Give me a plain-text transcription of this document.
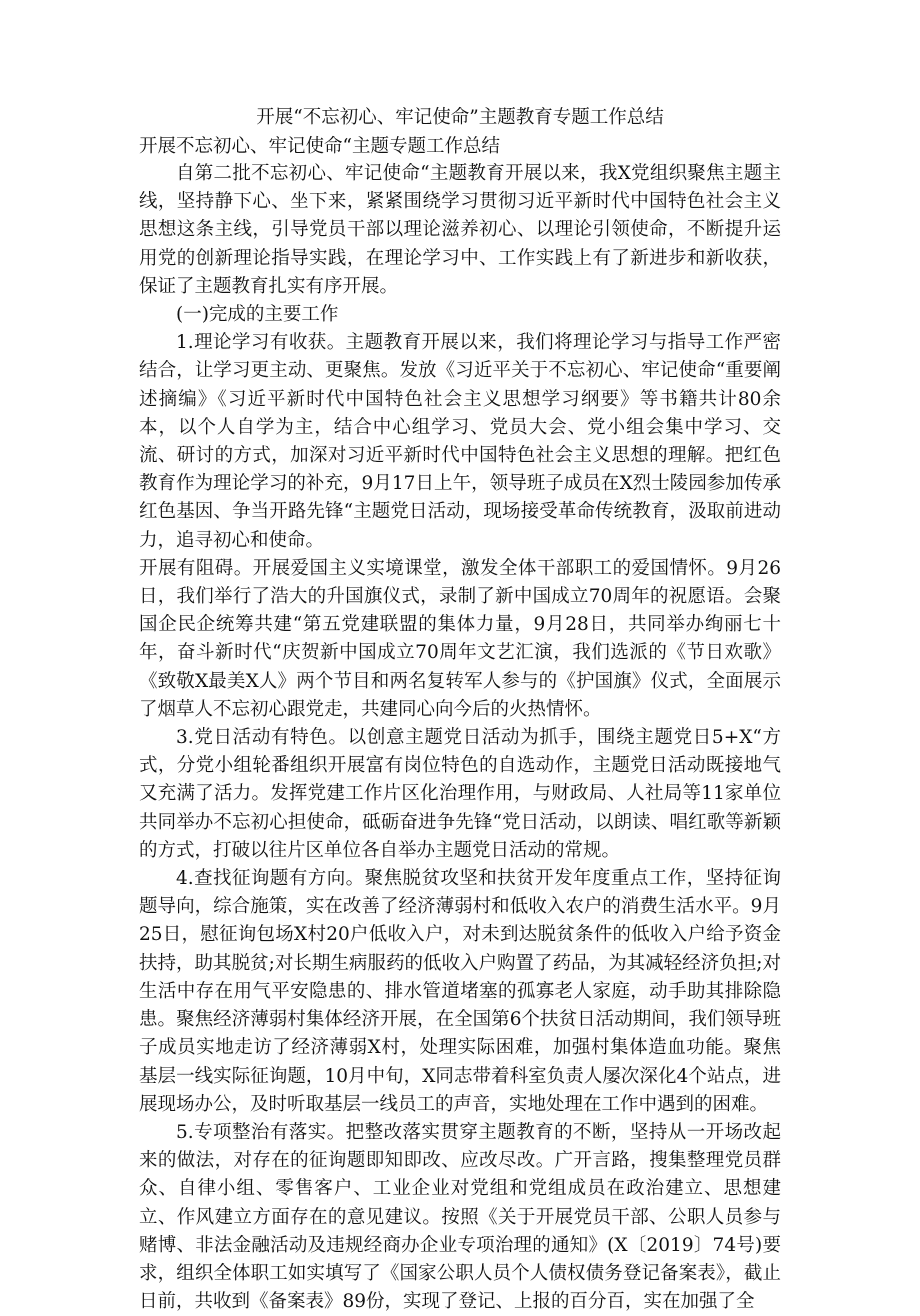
开展“不忘初心、牢记使命”主题教育专题工作总结
开展不忘初心、牢记使命“主题专题工作总结

自第二批不忘初心、牢记使命“主题教育开展以来，我X党组织聚焦主题主线，坚持静下心、坐下来，紧紧围绕学习贯彻习近平新时代中国特色社会主义思想这条主线，引导党员干部以理论滋养初心、以理论引领使命，不断提升运用党的创新理论指导实践，在理论学习中、工作实践上有了新进步和新收获，保证了主题教育扎实有序开展。

(一)完成的主要工作

1.理论学习有收获。主题教育开展以来，我们将理论学习与指导工作严密结合，让学习更主动、更聚焦。发放《习近平关于不忘初心、牢记使命“重要阐述摘编》《习近平新时代中国特色社会主义思想学习纲要》等书籍共计80余本，以个人自学为主，结合中心组学习、党员大会、党小组会集中学习、交流、研讨的方式，加深对习近平新时代中国特色社会主义思想的理解。把红色教育作为理论学习的补充，9月17日上午，领导班子成员在X烈士陵园参加传承红色基因、争当开路先锋“主题党日活动，现场接受革命传统教育，汲取前进动力，追寻初心和使命。

开展有阻碍。开展爱国主义实境课堂，激发全体干部职工的爱国情怀。9月26日，我们举行了浩大的升国旗仪式，录制了新中国成立70周年的祝愿语。会聚国企民企统筹共建“第五党建联盟的集体力量，9月28日，共同举办绚丽七十年，奋斗新时代“庆贺新中国成立70周年文艺汇演，我们选派的《节日欢歌》《致敬X最美X人》两个节目和两名复转军人参与的《护国旗》仪式，全面展示了烟草人不忘初心跟党走，共建同心向今后的火热情怀。

3.党日活动有特色。以创意主题党日活动为抓手，围绕主题党日5+X“方式，分党小组轮番组织开展富有岗位特色的自选动作，主题党日活动既接地气又充满了活力。发挥党建工作片区化治理作用，与财政局、人社局等11家单位共同举办不忘初心担使命，砥砺奋进争先锋“党日活动，以朗读、唱红歌等新颖的方式，打破以往片区单位各自举办主题党日活动的常规。

4.查找征询题有方向。聚焦脱贫攻坚和扶贫开发年度重点工作，坚持征询题导向，综合施策，实在改善了经济薄弱村和低收入农户的消费生活水平。9月25日，慰征询包场X村20户低收入户，对未到达脱贫条件的低收入户给予资金扶持，助其脱贫;对长期生病服药的低收入户购置了药品，为其减轻经济负担;对生活中存在用气平安隐患的、排水管道堵塞的孤寡老人家庭，动手助其排除隐患。聚焦经济薄弱村集体经济开展，在全国第6个扶贫日活动期间，我们领导班子成员实地走访了经济薄弱X村，处理实际困难，加强村集体造血功能。聚焦基层一线实际征询题，10月中旬，X同志带着科室负责人屡次深化4个站点，进展现场办公，及时听取基层一线员工的声音，实地处理在工作中遇到的困难。

5.专项整治有落实。把整改落实贯穿主题教育的不断，坚持从一开场改起来的做法，对存在的征询题即知即改、应改尽改。广开言路，搜集整理党员群众、自律小组、零售客户、工业企业对党组和党组成员在政治建立、思想建立、作风建立方面存在的意见建议。按照《关于开展党员干部、公职人员参与赌博、非法金融活动及违规经商办企业专项治理的通知》(X〔2019〕74号)要求，组织全体职工如实填写了《国家公职人员个人债权债务登记备案表》，截止日前，共收到《备案表》89份，实现了登记、上报的百分百，实在加强了全
